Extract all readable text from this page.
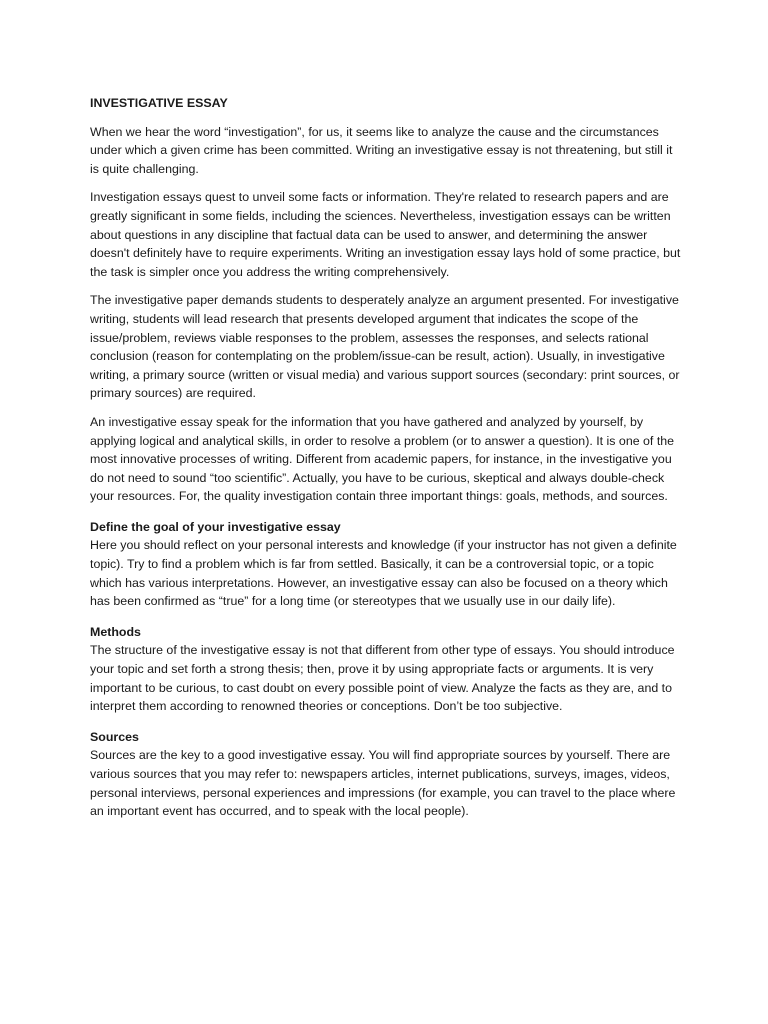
INVESTIGATIVE ESSAY

When we hear the word “investigation”, for us, it seems like to analyze the cause and the circumstances under which a given crime has been committed. Writing an investigative essay is not threatening, but still it is quite challenging.

Investigation essays quest to unveil some facts or information. They're related to research papers and are greatly significant in some fields, including the sciences. Nevertheless, investigation essays can be written about questions in any discipline that factual data can be used to answer, and determining the answer doesn't definitely have to require experiments. Writing an investigation essay lays hold of some practice, but the task is simpler once you address the writing comprehensively.

The investigative paper demands students to desperately analyze an argument presented. For investigative writing, students will lead research that presents developed argument that indicates the scope of the issue/problem, reviews viable responses to the problem, assesses the responses, and selects rational conclusion (reason for contemplating on the problem/issue-can be result, action). Usually, in investigative writing, a primary source (written or visual media) and various support sources (secondary: print sources, or primary sources) are required.

An investigative essay speak for the information that you have gathered and analyzed by yourself, by applying logical and analytical skills, in order to resolve a problem (or to answer a question). It is one of the most innovative processes of writing. Different from academic papers, for instance, in the investigative you do not need to sound “too scientific”. Actually, you have to be curious, skeptical and always double-check your resources. For, the quality investigation contain three important things: goals, methods, and sources.

Define the goal of your investigative essay

Here you should reflect on your personal interests and knowledge (if your instructor has not given a definite topic). Try to find a problem which is far from settled. Basically, it can be a controversial topic, or a topic which has various interpretations. However, an investigative essay can also be focused on a theory which has been confirmed as “true” for a long time (or stereotypes that we usually use in our daily life).

Methods

The structure of the investigative essay is not that different from other type of essays. You should introduce your topic and set forth a strong thesis; then, prove it by using appropriate facts or arguments. It is very important to be curious, to cast doubt on every possible point of view. Analyze the facts as they are, and to interpret them according to renowned theories or conceptions. Don’t be too subjective.

Sources

Sources are the key to a good investigative essay. You will find appropriate sources by yourself. There are various sources that you may refer to: newspapers articles, internet publications, surveys, images, videos, personal interviews, personal experiences and impressions (for example, you can travel to the place where an important event has occurred, and to speak with the local people).
